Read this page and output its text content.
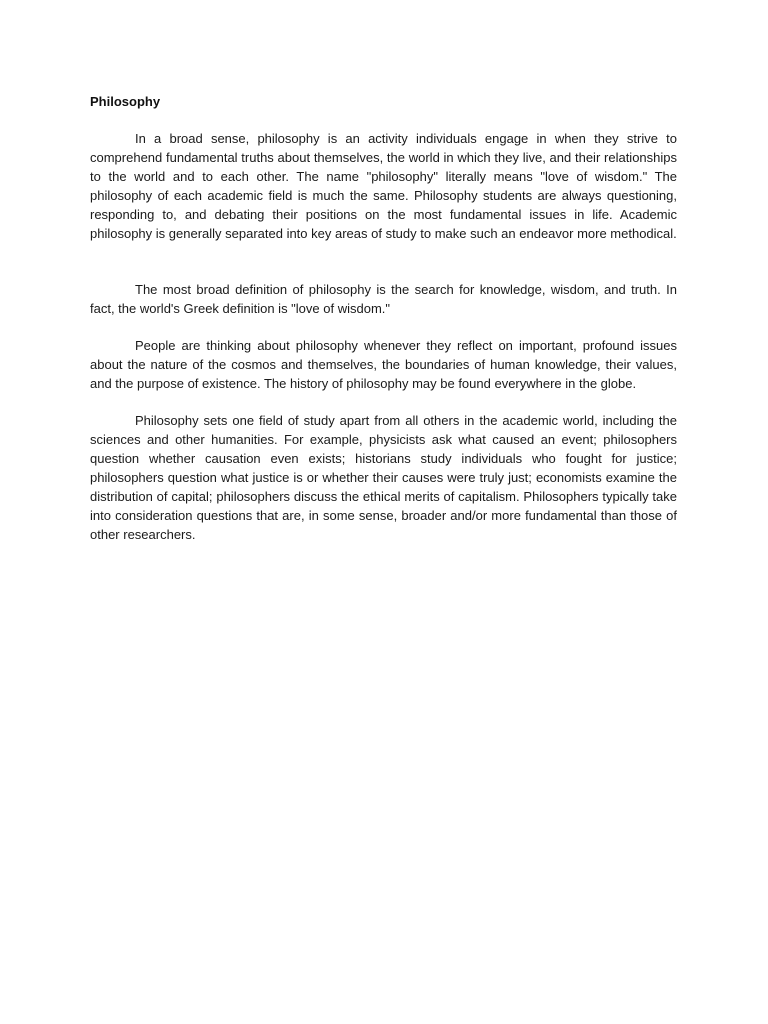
Philosophy

In a broad sense, philosophy is an activity individuals engage in when they strive to comprehend fundamental truths about themselves, the world in which they live, and their relationships to the world and to each other. The name "philosophy" literally means "love of wisdom." The philosophy of each academic field is much the same. Philosophy students are always questioning, responding to, and debating their positions on the most fundamental issues in life. Academic philosophy is generally separated into key areas of study to make such an endeavor more methodical.

The most broad definition of philosophy is the search for knowledge, wisdom, and truth. In fact, the world's Greek definition is "love of wisdom."

People are thinking about philosophy whenever they reflect on important, profound issues about the nature of the cosmos and themselves, the boundaries of human knowledge, their values, and the purpose of existence. The history of philosophy may be found everywhere in the globe.

Philosophy sets one field of study apart from all others in the academic world, including the sciences and other humanities. For example, physicists ask what caused an event; philosophers question whether causation even exists; historians study individuals who fought for justice; philosophers question what justice is or whether their causes were truly just; economists examine the distribution of capital; philosophers discuss the ethical merits of capitalism. Philosophers typically take into consideration questions that are, in some sense, broader and/or more fundamental than those of other researchers.
